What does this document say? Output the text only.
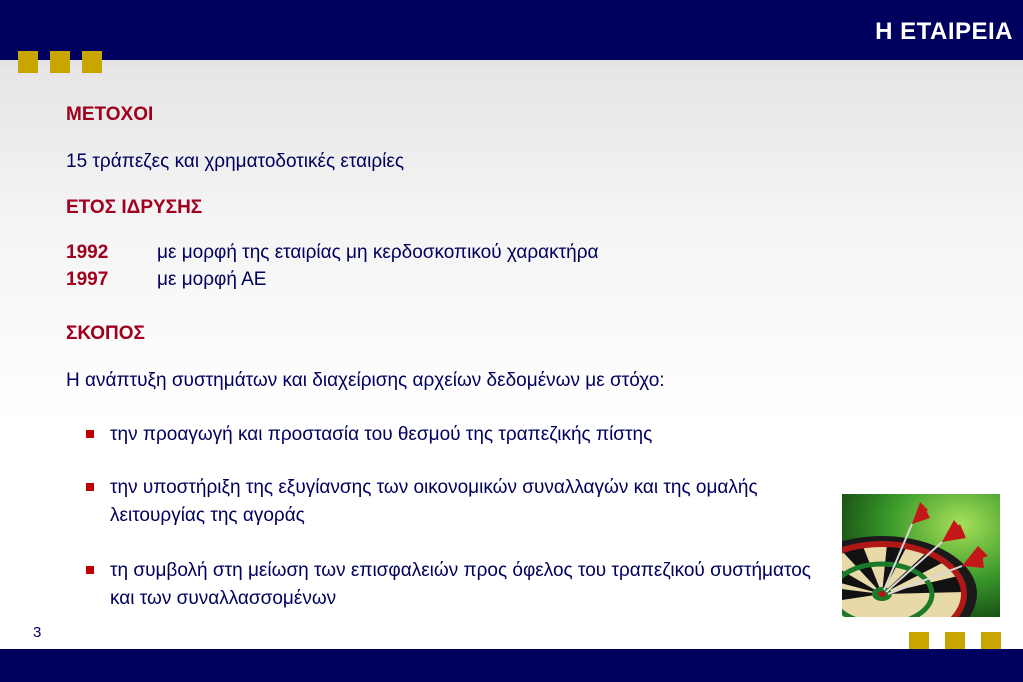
Η ΕΤΑΙΡΕΙΑ
ΜΕΤΟΧΟΙ
15 τράπεζες και χρηματοδοτικές εταιρίες
ΕΤΟΣ ΙΔΡΥΣΗΣ
1992	με μορφή της εταιρίας μη κερδοσκοπικού χαρακτήρα
1997	με μορφή ΑΕ
ΣΚΟΠΟΣ
Η ανάπτυξη συστημάτων και διαχείρισης αρχείων δεδομένων με στόχο:
την προαγωγή και προστασία του θεσμού της τραπεζικής πίστης
την υποστήριξη της εξυγίανσης των οικονομικών συναλλαγών και της ομαλής λειτουργίας της αγοράς
τη συμβολή στη μείωση των επισφαλειών προς όφελος του τραπεζικού συστήματος και των συναλλασσομένων
3
